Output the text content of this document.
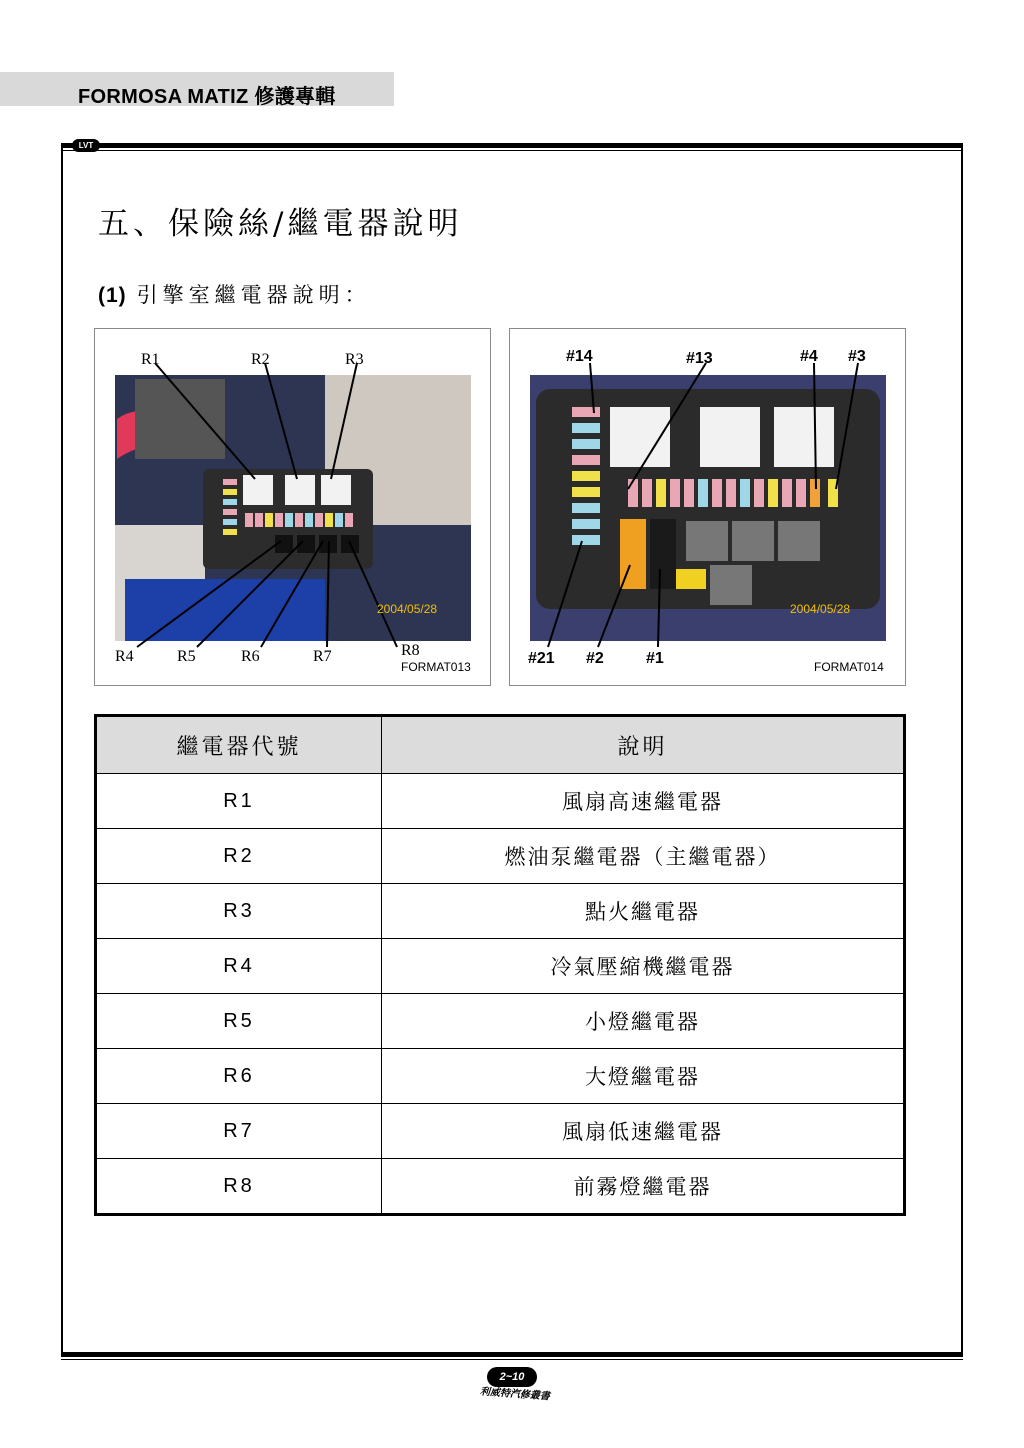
FORMOSA MATIZ 修護專輯
LVT
五、保險絲/繼電器說明
(1) 引擎室繼電器說明：
R1	R2	R3
R4	R5	R6	R7	R8
2004/05/28
FORMAT013
#14	#13	#4 #3
#21 #2	#1
2004/05/28
FORMAT014
繼電器代號	說明
R1	風扇高速繼電器
R2	燃油泵繼電器（主繼電器）
R3	點火繼電器
R4	冷氣壓縮機繼電器
R5	小燈繼電器
R6	大燈繼電器
R7	風扇低速繼電器
R8	前霧燈繼電器
2~10
利威特汽修叢書
